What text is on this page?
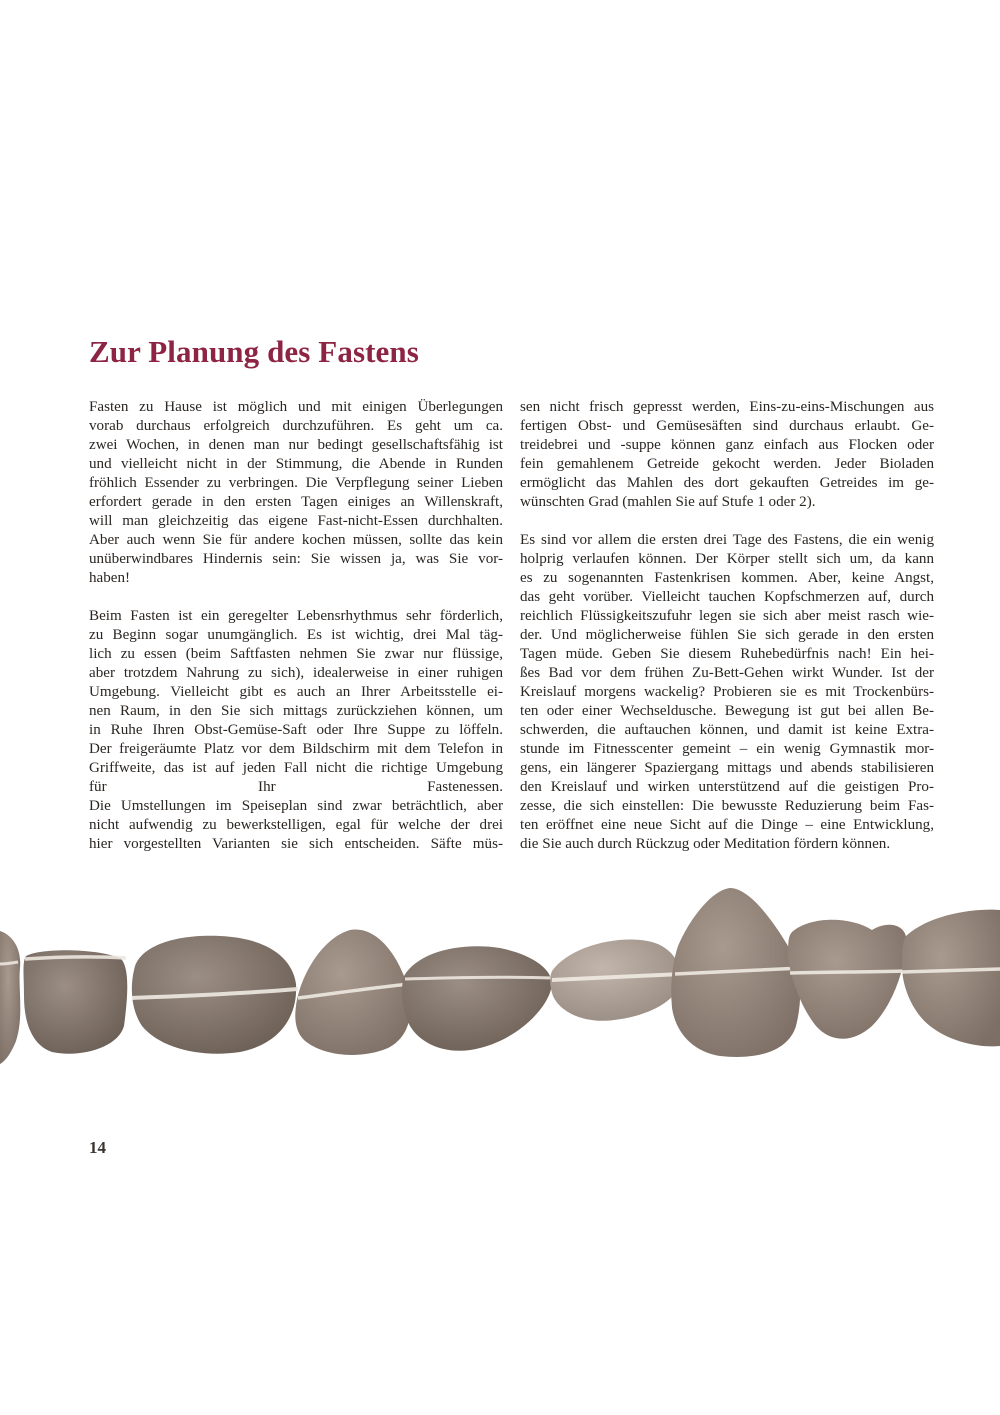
Zur Planung des Fastens
Fasten zu Hause ist möglich und mit einigen Überlegungen
vorab durchaus erfolgreich durchzuführen. Es geht um ca.
zwei Wochen, in denen man nur bedingt gesellschaftsfähig ist
und vielleicht nicht in der Stimmung, die Abende in Runden
fröhlich Essender zu verbringen. Die Verpflegung seiner Lieben
erfordert gerade in den ersten Tagen einiges an Willenskraft,
will man gleichzeitig das eigene Fast-nicht-Essen durchhalten.
Aber auch wenn Sie für andere kochen müssen, sollte das kein
unüberwindbares Hindernis sein: Sie wissen ja, was Sie vor-
haben!
Beim Fasten ist ein geregelter Lebensrhythmus sehr förderlich,
zu Beginn sogar unumgänglich. Es ist wichtig, drei Mal täg-
lich zu essen (beim Saftfasten nehmen Sie zwar nur flüssige,
aber trotzdem Nahrung zu sich), idealerweise in einer ruhigen
Umgebung. Vielleicht gibt es auch an Ihrer Arbeitsstelle ei-
nen Raum, in den Sie sich mittags zurückziehen können, um
in Ruhe Ihren Obst-Gemüse-Saft oder Ihre Suppe zu löffeln.
Der freigeräumte Platz vor dem Bildschirm mit dem Telefon in
Griffweite, das ist auf jeden Fall nicht die richtige Umgebung
für Ihr Fastenessen.
Die Umstellungen im Speiseplan sind zwar beträchtlich, aber
nicht aufwendig zu bewerkstelligen, egal für welche der drei
hier vorgestellten Varianten sie sich entscheiden. Säfte müs-
sen nicht frisch gepresst werden, Eins-zu-eins-Mischungen aus
fertigen Obst- und Gemüsesäften sind durchaus erlaubt. Ge-
treidebrei und -suppe können ganz einfach aus Flocken oder
fein gemahlenem Getreide gekocht werden. Jeder Bioladen
ermöglicht das Mahlen des dort gekauften Getreides im ge-
wünschten Grad (mahlen Sie auf Stufe 1 oder 2).
Es sind vor allem die ersten drei Tage des Fastens, die ein wenig
holprig verlaufen können. Der Körper stellt sich um, da kann
es zu sogenannten Fastenkrisen kommen. Aber, keine Angst,
das geht vorüber. Vielleicht tauchen Kopfschmerzen auf, durch
reichlich Flüssigkeitszufuhr legen sie sich aber meist rasch wie-
der. Und möglicherweise fühlen Sie sich gerade in den ersten
Tagen müde. Geben Sie diesem Ruhebedürfnis nach! Ein hei-
ßes Bad vor dem frühen Zu-Bett-Gehen wirkt Wunder. Ist der
Kreislauf morgens wackelig? Probieren sie es mit Trockenbürs-
ten oder einer Wechseldusche. Bewegung ist gut bei allen Be-
schwerden, die auftauchen können, und damit ist keine Extra-
stunde im Fitnesscenter gemeint – ein wenig Gymnastik mor-
gens, ein längerer Spaziergang mittags und abends stabilisieren
den Kreislauf und wirken unterstützend auf die geistigen Pro-
zesse, die sich einstellen: Die bewusste Reduzierung beim Fas-
ten eröffnet eine neue Sicht auf die Dinge – eine Entwicklung,
die Sie auch durch Rückzug oder Meditation fördern können.
14
